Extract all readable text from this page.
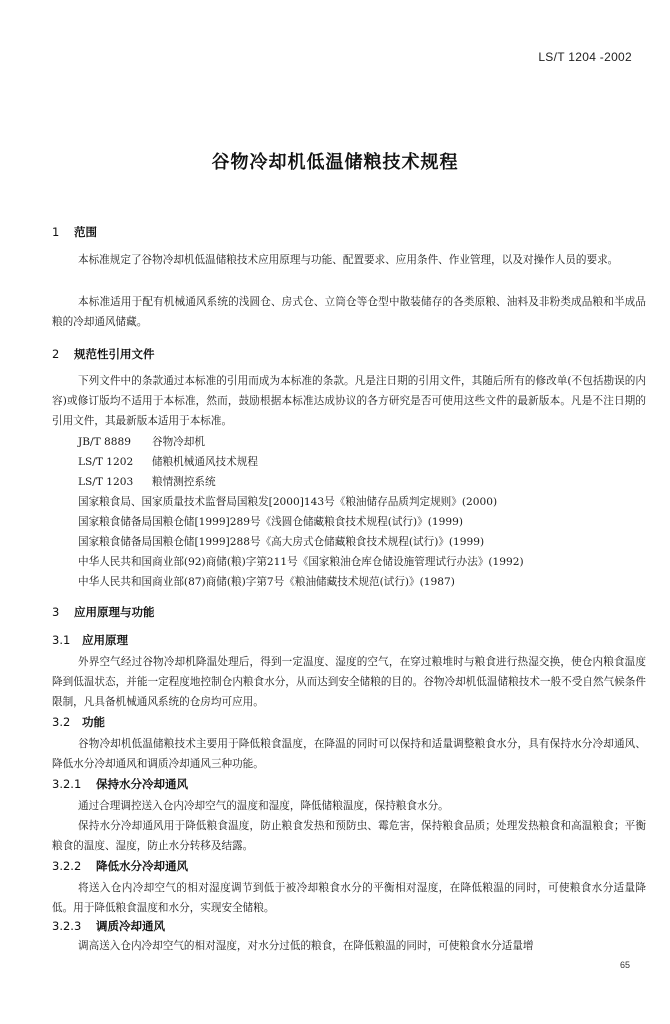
LS/T 1204 -2002
谷物冷却机低温储粮技术规程
1 范围
本标准规定了谷物冷却机低温储粮技术应用原理与功能、配置要求、应用条件、作业管理，以及对操作人员的要求。
本标准适用于配有机械通风系统的浅圆仓、房式仓、立筒仓等仓型中散装储存的各类原粮、油料及非粉类成品粮和半成品粮的冷却通风储藏。
2 规范性引用文件
下列文件中的条款通过本标准的引用而成为本标准的条款。凡是注日期的引用文件，其随后所有的修改单(不包括勘误的内容)或修订版均不适用于本标准，然而，鼓励根据本标准达成协议的各方研究是否可使用这些文件的最新版本。凡是不注日期的引用文件，其最新版本适用于本标准。
JB/T 8889 谷物冷却机
LS/T 1202 储粮机械通风技术规程
LS/T 1203 粮情测控系统
国家粮食局、国家质量技术监督局国粮发[2000]143号《粮油储存品质判定规则》(2000)
国家粮食储备局国粮仓储[1999]289号《浅圆仓储藏粮食技术规程(试行)》(1999)
国家粮食储备局国粮仓储[1999]288号《高大房式仓储藏粮食技术规程(试行)》(1999)
中华人民共和国商业部(92)商储(粮)字第211号《国家粮油仓库仓储设施管理试行办法》(1992)
中华人民共和国商业部(87)商储(粮)字第7号《粮油储藏技术规范(试行)》(1987)
3 应用原理与功能
3.1 应用原理
外界空气经过谷物冷却机降温处理后，得到一定温度、湿度的空气，在穿过粮堆时与粮食进行热湿交换，使仓内粮食温度降到低温状态，并能一定程度地控制仓内粮食水分，从而达到安全储粮的目的。谷物冷却机低温储粮技术一般不受自然气候条件限制，凡具备机械通风系统的仓房均可应用。
3.2 功能
谷物冷却机低温储粮技术主要用于降低粮食温度，在降温的同时可以保持和适量调整粮食水分，具有保持水分冷却通风、降低水分冷却通风和调质冷却通风三种功能。
3.2.1 保持水分冷却通风
通过合理调控送入仓内冷却空气的温度和湿度，降低储粮温度，保持粮食水分。
保持水分冷却通风用于降低粮食温度，防止粮食发热和预防虫、霉危害，保持粮食品质；处理发热粮食和高温粮食；平衡粮食的温度、湿度，防止水分转移及结露。
3.2.2 降低水分冷却通风
将送入仓内冷却空气的相对湿度调节到低于被冷却粮食水分的平衡相对湿度，在降低粮温的同时，可使粮食水分适量降低。用于降低粮食温度和水分，实现安全储粮。
3.2.3 调质冷却通风
调高送入仓内冷却空气的相对湿度，对水分过低的粮食，在降低粮温的同时，可使粮食水分适量增
65
